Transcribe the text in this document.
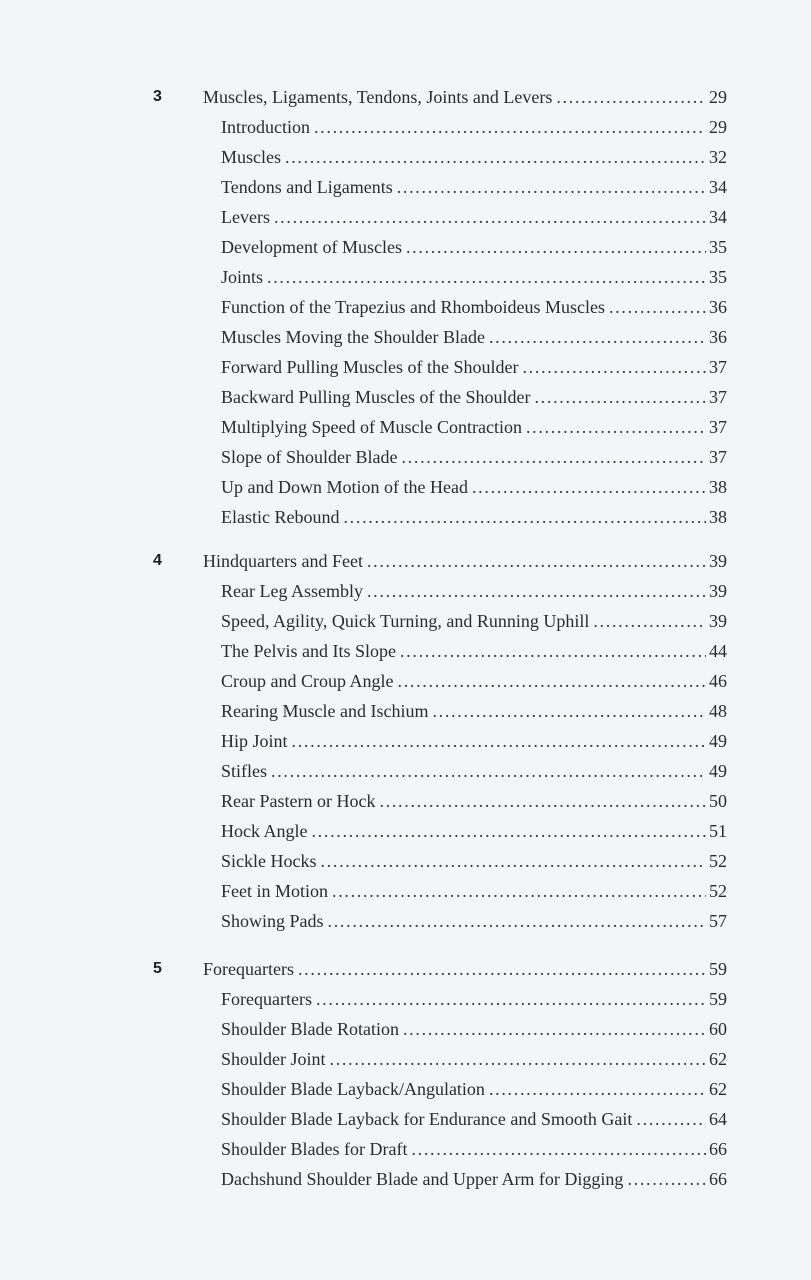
3 Muscles, Ligaments, Tendons, Joints and Levers . . .	29
Introduction . . .	29
Muscles . . .	32
Tendons and Ligaments . . .	34
Levers . . .	34
Development of Muscles . . .	35
Joints . . .	35
Function of the Trapezius and Rhomboideus Muscles . . .	36
Muscles Moving the Shoulder Blade . . .	36
Forward Pulling Muscles of the Shoulder . . .	37
Backward Pulling Muscles of the Shoulder . . .	37
Multiplying Speed of Muscle Contraction . . .	37
Slope of Shoulder Blade . . .	37
Up and Down Motion of the Head . . .	38
Elastic Rebound . . .	38
4 Hindquarters and Feet . . .	39
Rear Leg Assembly . . .	39
Speed, Agility, Quick Turning, and Running Uphill . . .	39
The Pelvis and Its Slope . . .	44
Croup and Croup Angle . . .	46
Rearing Muscle and Ischium . . .	48
Hip Joint . . .	49
Stifles . . .	49
Rear Pastern or Hock . . .	50
Hock Angle . . .	51
Sickle Hocks . . .	52
Feet in Motion . . .	52
Showing Pads . . .	57
5 Forequarters . . .	59
Forequarters . . .	59
Shoulder Blade Rotation . . .	60
Shoulder Joint . . .	62
Shoulder Blade Layback/Angulation . . .	62
Shoulder Blade Layback for Endurance and Smooth Gait . . .	64
Shoulder Blades for Draft . . .	66
Dachshund Shoulder Blade and Upper Arm for Digging . . .	66
